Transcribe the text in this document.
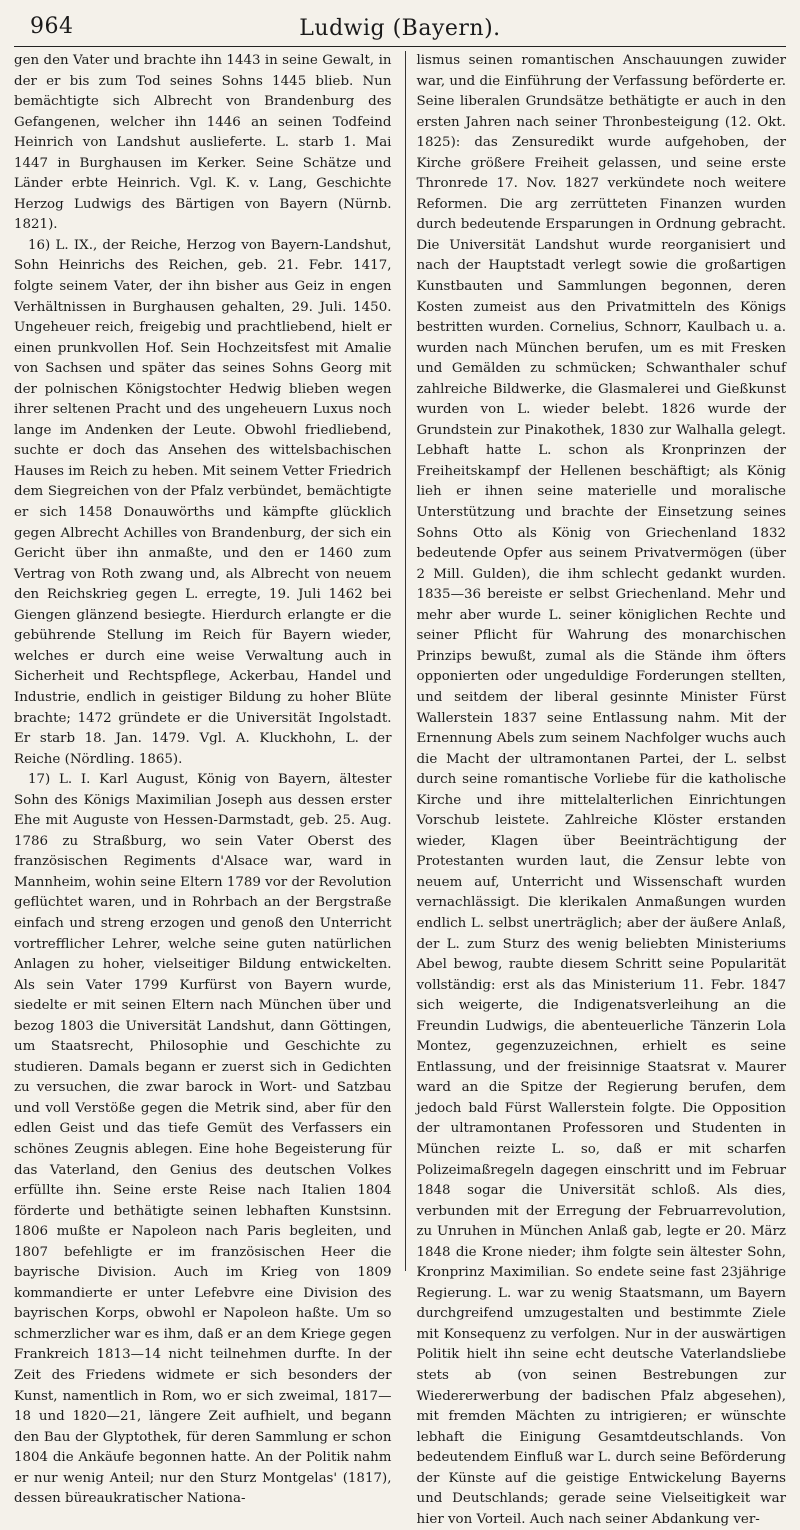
964	Ludwig (Bayern).

gen den Vater und brachte ihn 1443 in seine Gewalt, in der er bis zum Tod seines Sohns 1445 blieb. Nun bemächtigte sich Albrecht von Brandenburg des Gefangenen, welcher ihn 1446 an seinen Todfeind Heinrich von Landshut auslieferte. L. starb 1. Mai 1447 in Burghausen im Kerker. Seine Schätze und Länder erbte Heinrich. Vgl. K. v. Lang, Geschichte Herzog Ludwigs des Bärtigen von Bayern (Nürnb. 1821).

16) L. IX., der Reiche, Herzog von Bayern-Landshut, Sohn Heinrichs des Reichen, geb. 21. Febr. 1417, folgte seinem Vater, der ihn bisher aus Geiz in engen Verhältnissen in Burghausen gehalten, 29. Juli. 1450. Ungeheuer reich, freigebig und prachtliebend, hielt er einen prunkvollen Hof. Sein Hochzeitsfest mit Amalie von Sachsen und später das seines Sohns Georg mit der polnischen Königstochter Hedwig blieben wegen ihrer seltenen Pracht und des ungeheuern Luxus noch lange im Andenken der Leute. Obwohl friedliebend, suchte er doch das Ansehen des wittelsbachischen Hauses im Reich zu heben. Mit seinem Vetter Friedrich dem Siegreichen von der Pfalz verbündet, bemächtigte er sich 1458 Donauwörths und kämpfte glücklich gegen Albrecht Achilles von Brandenburg, der sich ein Gericht über ihn anmaßte, und den er 1460 zum Vertrag von Roth zwang und, als Albrecht von neuem den Reichskrieg gegen L. erregte, 19. Juli 1462 bei Giengen glänzend besiegte. Hierdurch erlangte er die gebührende Stellung im Reich für Bayern wieder, welches er durch eine weise Verwaltung auch in Sicherheit und Rechtspflege, Ackerbau, Handel und Industrie, endlich in geistiger Bildung zu hoher Blüte brachte; 1472 gründete er die Universität Ingolstadt. Er starb 18. Jan. 1479. Vgl. A. Kluckhohn, L. der Reiche (Nördling. 1865).

17) L. I. Karl August, König von Bayern, ältester Sohn des Königs Maximilian Joseph aus dessen erster Ehe mit Auguste von Hessen-Darmstadt, geb. 25. Aug. 1786 zu Straßburg, wo sein Vater Oberst des französischen Regiments d'Alsace war, ward in Mannheim, wohin seine Eltern 1789 vor der Revolution geflüchtet waren, und in Rohrbach an der Bergstraße einfach und streng erzogen und genoß den Unterricht vortrefflicher Lehrer, welche seine guten natürlichen Anlagen zu hoher, vielseitiger Bildung entwickelten. Als sein Vater 1799 Kurfürst von Bayern wurde, siedelte er mit seinen Eltern nach München über und bezog 1803 die Universität Landshut, dann Göttingen, um Staatsrecht, Philosophie und Geschichte zu studieren. Damals begann er zuerst sich in Gedichten zu versuchen, die zwar barock in Wort- und Satzbau und voll Verstöße gegen die Metrik sind, aber für den edlen Geist und das tiefe Gemüt des Verfassers ein schönes Zeugnis ablegen. Eine hohe Begeisterung für das Vaterland, den Genius des deutschen Volkes erfüllte ihn. Seine erste Reise nach Italien 1804 förderte und bethätigte seinen lebhaften Kunstsinn. 1806 mußte er Napoleon nach Paris begleiten, und 1807 befehligte er im französischen Heer die bayrische Division. Auch im Krieg von 1809 kommandierte er unter Lefebvre eine Division des bayrischen Korps, obwohl er Napoleon haßte. Um so schmerzlicher war es ihm, daß er an dem Kriege gegen Frankreich 1813—14 nicht teilnehmen durfte. In der Zeit des Friedens widmete er sich besonders der Kunst, namentlich in Rom, wo er sich zweimal, 1817—18 und 1820—21, längere Zeit aufhielt, und begann den Bau der Glyptothek, für deren Sammlung er schon 1804 die Ankäufe begonnen hatte. An der Politik nahm er nur wenig Anteil; nur den Sturz Montgelas' (1817), dessen büreaukratischer Nationa-

lismus seinen romantischen Anschauungen zuwider war, und die Einführung der Verfassung beförderte er. Seine liberalen Grundsätze bethätigte er auch in den ersten Jahren nach seiner Thronbesteigung (12. Okt. 1825): das Zensuredikt wurde aufgehoben, der Kirche größere Freiheit gelassen, und seine erste Thronrede 17. Nov. 1827 verkündete noch weitere Reformen. Die arg zerrütteten Finanzen wurden durch bedeutende Ersparungen in Ordnung gebracht. Die Universität Landshut wurde reorganisiert und nach der Hauptstadt verlegt sowie die großartigen Kunstbauten und Sammlungen begonnen, deren Kosten zumeist aus den Privatmitteln des Königs bestritten wurden. Cornelius, Schnorr, Kaulbach u. a. wurden nach München berufen, um es mit Fresken und Gemälden zu schmücken; Schwanthaler schuf zahlreiche Bildwerke, die Glasmalerei und Gießkunst wurden von L. wieder belebt. 1826 wurde der Grundstein zur Pinakothek, 1830 zur Walhalla gelegt. Lebhaft hatte L. schon als Kronprinzen der Freiheitskampf der Hellenen beschäftigt; als König lieh er ihnen seine materielle und moralische Unterstützung und brachte der Einsetzung seines Sohns Otto als König von Griechenland 1832 bedeutende Opfer aus seinem Privatvermögen (über 2 Mill. Gulden), die ihm schlecht gedankt wurden. 1835—36 bereiste er selbst Griechenland. Mehr und mehr aber wurde L. seiner königlichen Rechte und seiner Pflicht für Wahrung des monarchischen Prinzips bewußt, zumal als die Stände ihm öfters opponierten oder ungeduldige Forderungen stellten, und seitdem der liberal gesinnte Minister Fürst Wallerstein 1837 seine Entlassung nahm. Mit der Ernennung Abels zum seinem Nachfolger wuchs auch die Macht der ultramontanen Partei, der L. selbst durch seine romantische Vorliebe für die katholische Kirche und ihre mittelalterlichen Einrichtungen Vorschub leistete. Zahlreiche Klöster erstanden wieder, Klagen über Beeinträchtigung der Protestanten wurden laut, die Zensur lebte von neuem auf, Unterricht und Wissenschaft wurden vernachlässigt. Die klerikalen Anmaßungen wurden endlich L. selbst unerträglich; aber der äußere Anlaß, der L. zum Sturz des wenig beliebten Ministeriums Abel bewog, raubte diesem Schritt seine Popularität vollständig: erst als das Ministerium 11. Febr. 1847 sich weigerte, die Indigenatsverleihung an die Freundin Ludwigs, die abenteuerliche Tänzerin Lola Montez, gegenzuzeichnen, erhielt es seine Entlassung, und der freisinnige Staatsrat v. Maurer ward an die Spitze der Regierung berufen, dem jedoch bald Fürst Wallerstein folgte. Die Opposition der ultramontanen Professoren und Studenten in München reizte L. so, daß er mit scharfen Polizeimaßregeln dagegen einschritt und im Februar 1848 sogar die Universität schloß. Als dies, verbunden mit der Erregung der Februarrevolution, zu Unruhen in München Anlaß gab, legte er 20. März 1848 die Krone nieder; ihm folgte sein ältester Sohn, Kronprinz Maximilian. So endete seine fast 23jährige Regierung. L. war zu wenig Staatsmann, um Bayern durchgreifend umzugestalten und bestimmte Ziele mit Konsequenz zu verfolgen. Nur in der auswärtigen Politik hielt ihn seine echt deutsche Vaterlandsliebe stets ab (von seinen Bestrebungen zur Wiedererwerbung der badischen Pfalz abgesehen), mit fremden Mächten zu intrigieren; er wünschte lebhaft die Einigung Gesamtdeutschlands. Von bedeutendem Einfluß war L. durch seine Beförderung der Künste auf die geistige Entwickelung Bayerns und Deutschlands; gerade seine Vielseitigkeit war hier von Vorteil. Auch nach seiner Abdankung ver-
